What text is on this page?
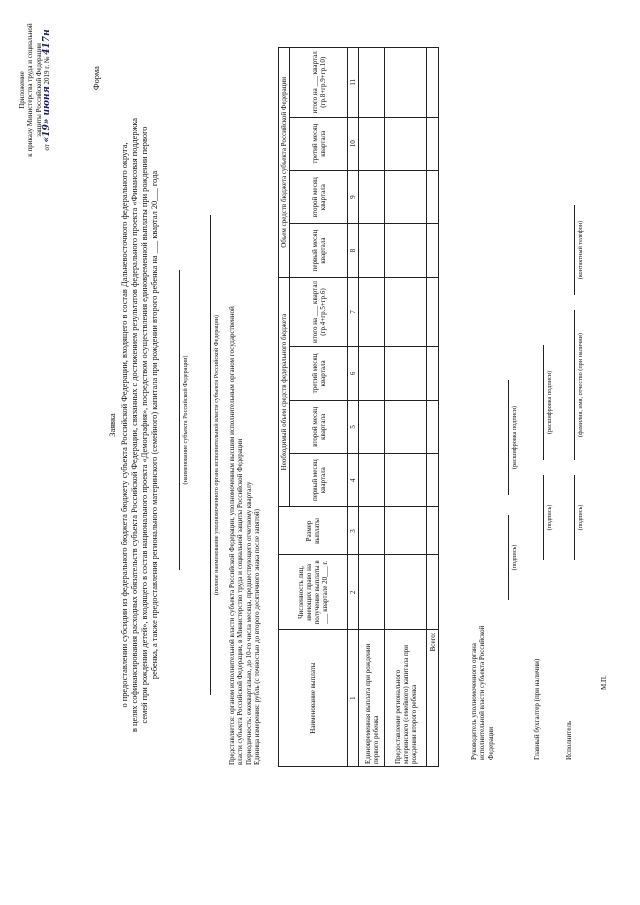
Приложение к приказу Министерства труда и социальной защиты Российской Федерации
от «19» июня 2019 г. № 417н
Форма
Заявка о предоставлении субсидии из федерального бюджета бюджету субъекта Российской Федерации, входящего в состав Дальневосточного федерального округа, в целях софинансирования расходных обязательств субъекта Российской Федерации, связанных с достижением результатов федерального проекта «Финансовая поддержка семей при рождении детей», входящего в состав национального проекта «Демография», посредством осуществления единовременной выплаты при рождении первого ребенка, а также предоставления регионального материнского (семейного) капитала при рождении второго ребенка на ___ квартал 20___ года	(наименование субъекта Российской Федерации)	(полное наименование уполномоченного органа исполнительной власти субъекта Российской Федерации) Представляется: органом исполнительной власти субъекта Российской Федерации, уполномоченным высшим исполнительным органом государственной власти субъекта Российской Федерации, в Министерство труда и социальной защиты Российской Федерации Периодичность: ежеквартально, до 10-го числа месяца, предшествующего отчетному кварталу Единица измерения: рубль (с точностью до второго десятичного знака после запятой)	Наименование выплаты	Численность лиц, имеющих право на получение выплаты в ___ квартале 20___ г.	Размер выплаты	Необходимый объем средств федерального бюджета				Объем средств бюджета субъекта Российской Федерации			
			первый месяц квартала	второй месяц квартала	третий месяц квартала	итого на ___ квартал (гр.4+гр.5+гр.6)	первый месяц квартала	второй месяц квартала	третий месяц квартала	итого на ___ квартал (гр.8+гр.9+гр.10)
1	2	3	4	5	6	7	8	9	10	11
Единовременная выплата при рождении первого ребенка										
Предоставление регионального материнского (семейного) капитала при рождении второго ребенка										
Всего:										
Руководитель уполномоченного органа исполнительной власти субъекта Российской Федерации
(подпись)
(расшифровка подписи)
Главный бухгалтер (при наличии)
(подпись)
(расшифровка подписи)
Исполнитель
(подпись)
(фамилия, имя, отчество (при наличии)
(контактный телефон)
М.П.
